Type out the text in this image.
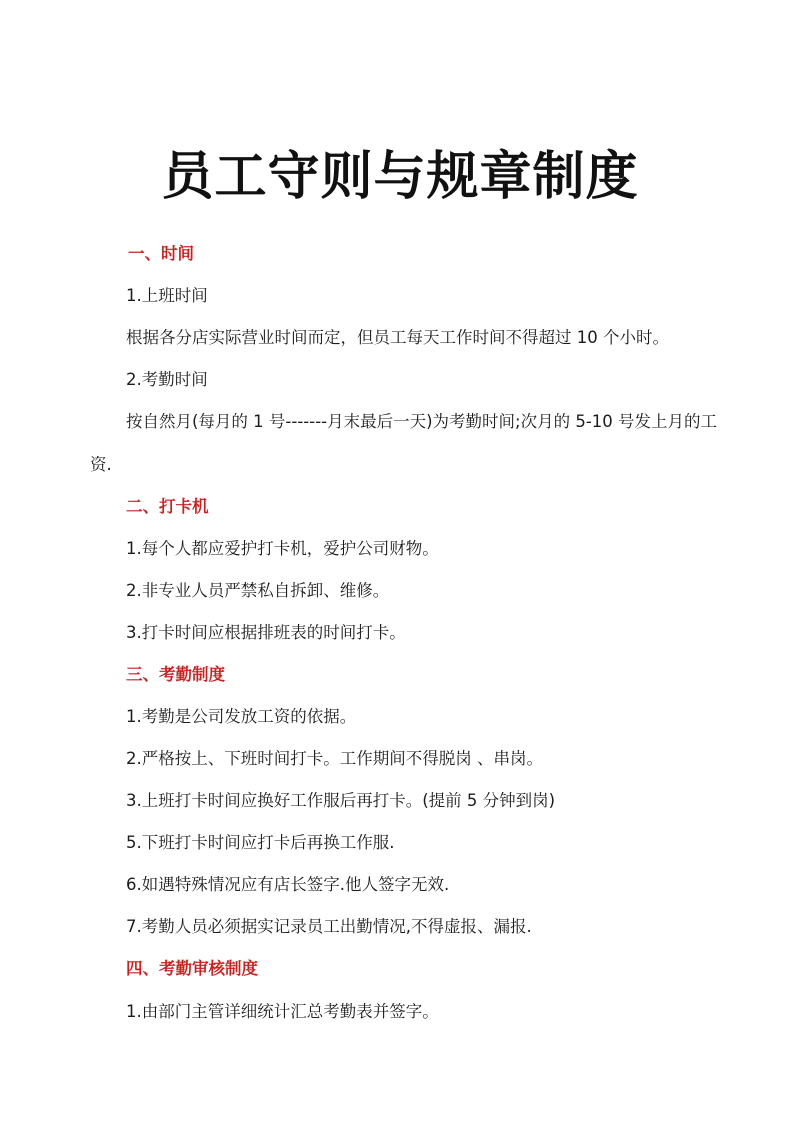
员工守则与规章制度
一、时间
1.上班时间
根据各分店实际营业时间而定，但员工每天工作时间不得超过 10 个小时。
2.考勤时间
按自然月(每月的 1 号-------月末最后一天)为考勤时间;次月的 5-10 号发上月的工
资.
二、打卡机
1.每个人都应爱护打卡机，爱护公司财物。
2.非专业人员严禁私自拆卸、维修。
3.打卡时间应根据排班表的时间打卡。
三、考勤制度
1.考勤是公司发放工资的依据。
2.严格按上、下班时间打卡。工作期间不得脱岗 、串岗。
3.上班打卡时间应换好工作服后再打卡。(提前 5 分钟到岗)
5.下班打卡时间应打卡后再换工作服.
6.如遇特殊情况应有店长签字.他人签字无效.
7.考勤人员必须据实记录员工出勤情况,不得虚报、漏报.
四、考勤审核制度
1.由部门主管详细统计汇总考勤表并签字。
